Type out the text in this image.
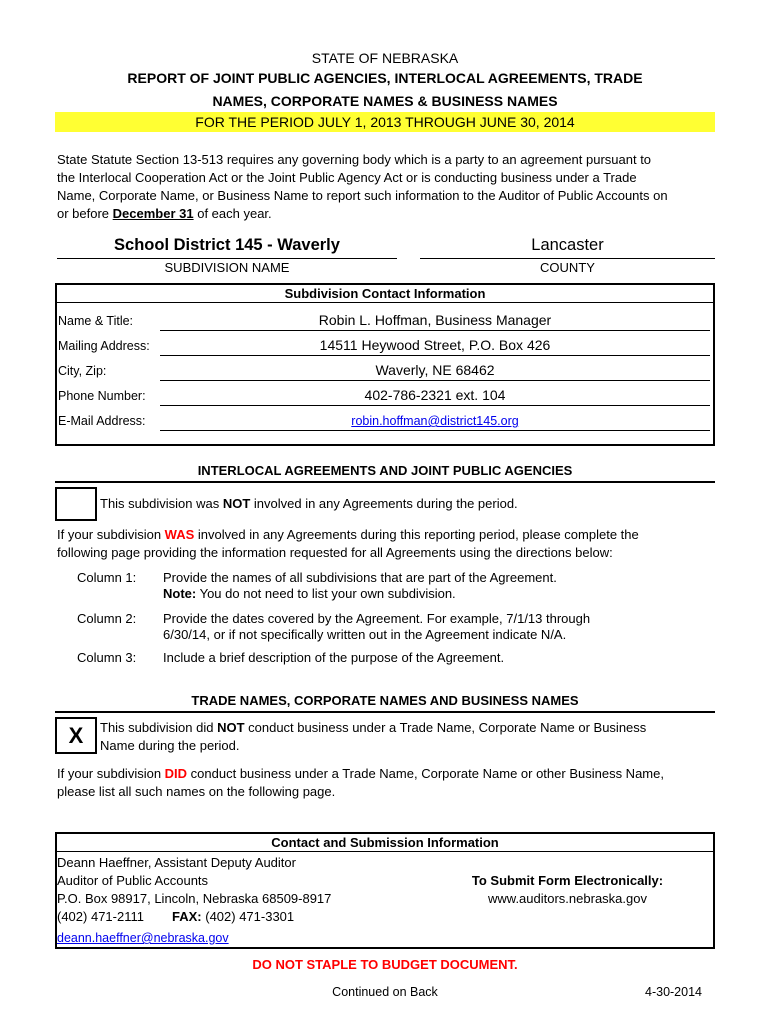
STATE OF NEBRASKA
REPORT OF JOINT PUBLIC AGENCIES, INTERLOCAL AGREEMENTS, TRADE
NAMES, CORPORATE NAMES & BUSINESS NAMES
FOR THE PERIOD JULY 1, 2013 THROUGH JUNE 30, 2014
State Statute Section 13-513 requires any governing body which is a party to an agreement pursuant to
the Interlocal Cooperation Act or the Joint Public Agency Act or is conducting business under a Trade
Name, Corporate Name, or Business Name to report such information to the Auditor of Public Accounts on
or before December 31 of each year.
School District 145 - Waverly
SUBDIVISION NAME
Lancaster
COUNTY
Subdivision Contact Information
Name & Title:	Robin L. Hoffman, Business Manager
Mailing Address:	14511 Heywood Street, P.O. Box 426
City, Zip:	Waverly, NE 68462
Phone Number:	402-786-2321 ext. 104
E-Mail Address:	robin.hoffman@district145.org
INTERLOCAL AGREEMENTS AND JOINT PUBLIC AGENCIES
This subdivision was NOT involved in any Agreements during the period.
If your subdivision WAS involved in any Agreements during this reporting period, please complete the
following page providing the information requested for all Agreements using the directions below:
Column 1: Provide the names of all subdivisions that are part of the Agreement.
Note: You do not need to list your own subdivision.
Column 2: Provide the dates covered by the Agreement. For example, 7/1/13 through
6/30/14, or if not specifically written out in the Agreement indicate N/A.
Column 3: Include a brief description of the purpose of the Agreement.
TRADE NAMES, CORPORATE NAMES AND BUSINESS NAMES
X	This subdivision did NOT conduct business under a Trade Name, Corporate Name or Business
Name during the period.
If your subdivision DID conduct business under a Trade Name, Corporate Name or other Business Name,
please list all such names on the following page.
Contact and Submission Information
Deann Haeffner, Assistant Deputy Auditor
Auditor of Public Accounts
P.O. Box 98917, Lincoln, Nebraska 68509-8917
(402) 471-2111 FAX: (402) 471-3301
deann.haeffner@nebraska.gov
To Submit Form Electronically:
www.auditors.nebraska.gov
DO NOT STAPLE TO BUDGET DOCUMENT.
Continued on Back	4-30-2014
